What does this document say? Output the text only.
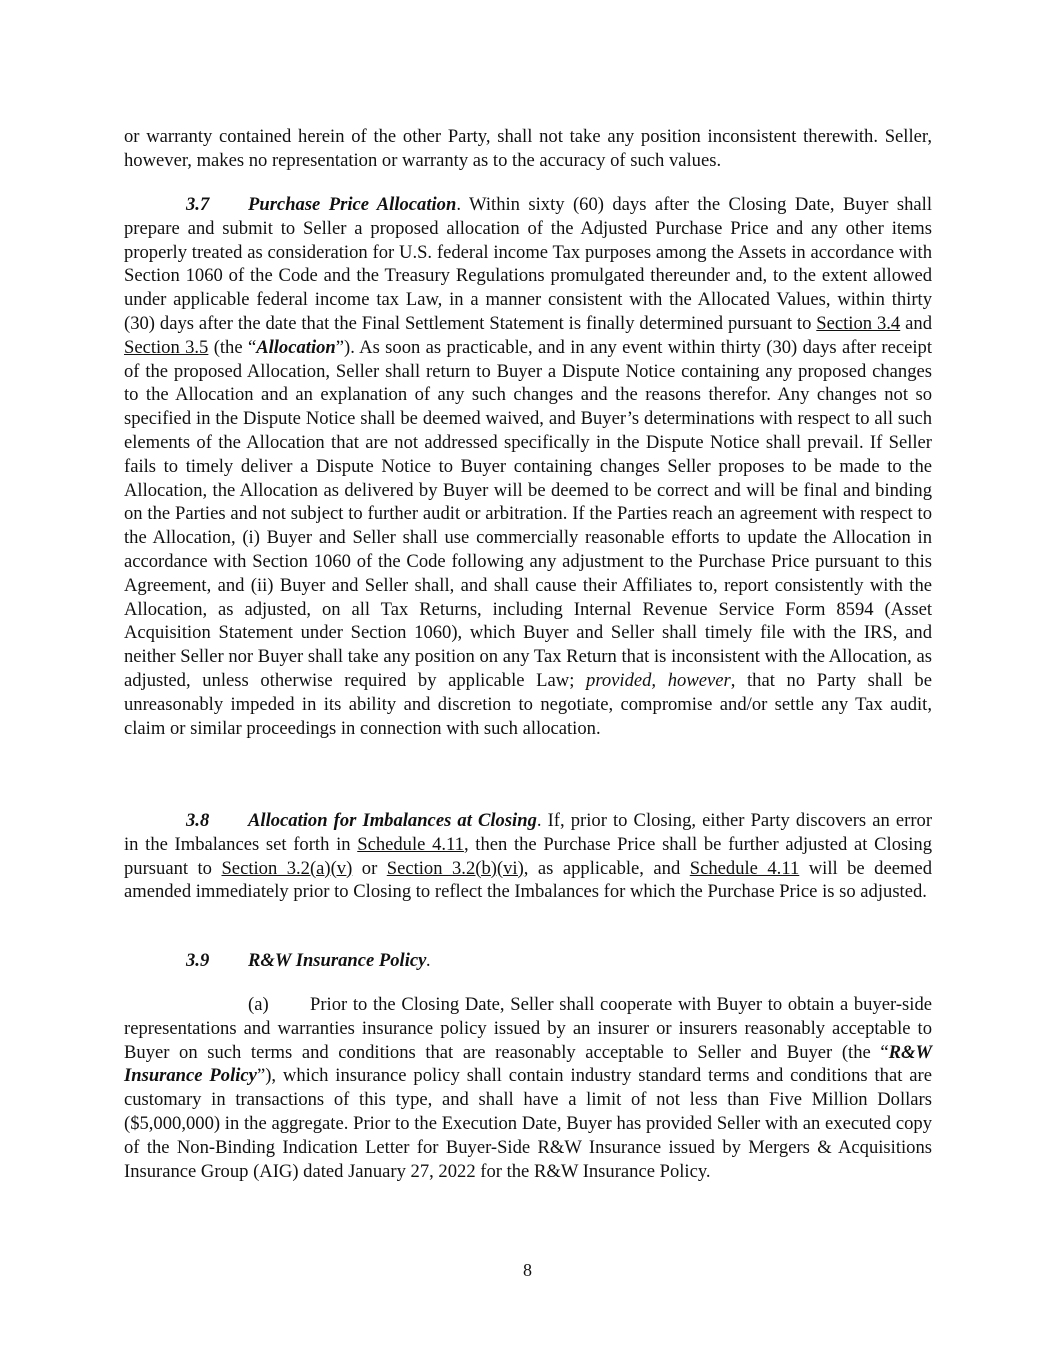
or warranty contained herein of the other Party, shall not take any position inconsistent therewith. Seller, however, makes no representation or warranty as to the accuracy of such values.

3.7 Purchase Price Allocation. Within sixty (60) days after the Closing Date, Buyer shall prepare and submit to Seller a proposed allocation of the Adjusted Purchase Price and any other items properly treated as consideration for U.S. federal income Tax purposes among the Assets in accordance with Section 1060 of the Code and the Treasury Regulations promulgated thereunder and, to the extent allowed under applicable federal income tax Law, in a manner consistent with the Allocated Values, within thirty (30) days after the date that the Final Settlement Statement is finally determined pursuant to Section 3.4 and Section 3.5 (the “Allocation”). As soon as practicable, and in any event within thirty (30) days after receipt of the proposed Allocation, Seller shall return to Buyer a Dispute Notice containing any proposed changes to the Allocation and an explanation of any such changes and the reasons therefor. Any changes not so specified in the Dispute Notice shall be deemed waived, and Buyer’s determinations with respect to all such elements of the Allocation that are not addressed specifically in the Dispute Notice shall prevail. If Seller fails to timely deliver a Dispute Notice to Buyer containing changes Seller proposes to be made to the Allocation, the Allocation as delivered by Buyer will be deemed to be correct and will be final and binding on the Parties and not subject to further audit or arbitration. If the Parties reach an agreement with respect to the Allocation, (i) Buyer and Seller shall use commercially reasonable efforts to update the Allocation in accordance with Section 1060 of the Code following any adjustment to the Purchase Price pursuant to this Agreement, and (ii) Buyer and Seller shall, and shall cause their Affiliates to, report consistently with the Allocation, as adjusted, on all Tax Returns, including Internal Revenue Service Form 8594 (Asset Acquisition Statement under Section 1060), which Buyer and Seller shall timely file with the IRS, and neither Seller nor Buyer shall take any position on any Tax Return that is inconsistent with the Allocation, as adjusted, unless otherwise required by applicable Law; provided, however, that no Party shall be unreasonably impeded in its ability and discretion to negotiate, compromise and/or settle any Tax audit, claim or similar proceedings in connection with such allocation.

3.8 Allocation for Imbalances at Closing. If, prior to Closing, either Party discovers an error in the Imbalances set forth in Schedule 4.11, then the Purchase Price shall be further adjusted at Closing pursuant to Section 3.2(a)(v) or Section 3.2(b)(vi), as applicable, and Schedule 4.11 will be deemed amended immediately prior to Closing to reflect the Imbalances for which the Purchase Price is so adjusted.

3.9 R&W Insurance Policy.

(a) Prior to the Closing Date, Seller shall cooperate with Buyer to obtain a buyer-side representations and warranties insurance policy issued by an insurer or insurers reasonably acceptable to Buyer on such terms and conditions that are reasonably acceptable to Seller and Buyer (the “R&W Insurance Policy”), which insurance policy shall contain industry standard terms and conditions that are customary in transactions of this type, and shall have a limit of not less than Five Million Dollars ($5,000,000) in the aggregate. Prior to the Execution Date, Buyer has provided Seller with an executed copy of the Non-Binding Indication Letter for Buyer-Side R&W Insurance issued by Mergers & Acquisitions Insurance Group (AIG) dated January 27, 2022 for the R&W Insurance Policy.

8
